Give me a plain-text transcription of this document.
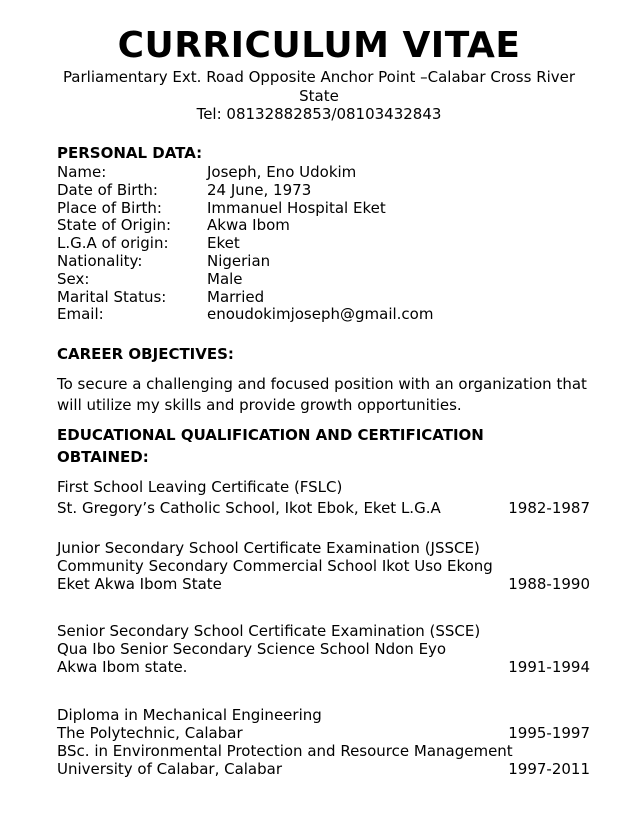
CURRICULUM VITAE
Parliamentary Ext. Road Opposite Anchor Point –Calabar Cross River
State
Tel: 08132882853/08103432843
PERSONAL DATA:
Name:	Joseph, Eno Udokim
Date of Birth:	24 June, 1973
Place of Birth:	Immanuel Hospital Eket
State of Origin:	Akwa Ibom
L.G.A of origin:	Eket
Nationality:	Nigerian
Sex:	Male
Marital Status:	Married
Email:	enoudokimjoseph@gmail.com
CAREER OBJECTIVES:
To secure a challenging and focused position with an organization that will utilize my skills and provide growth opportunities.
EDUCATIONAL QUALIFICATION AND CERTIFICATION
OBTAINED:
First School Leaving Certificate (FSLC)
St. Gregory’s Catholic School, Ikot Ebok, Eket L.G.A	1982-1987
Junior Secondary School Certificate Examination (JSSCE)
Community Secondary Commercial School Ikot Uso Ekong
Eket Akwa Ibom State	1988-1990
Senior Secondary School Certificate Examination (SSCE)
Qua Ibo Senior Secondary Science School Ndon Eyo
Akwa Ibom state.	1991-1994
Diploma in Mechanical Engineering
The Polytechnic, Calabar	1995-1997
BSc. in Environmental Protection and Resource Management
University of Calabar, Calabar	1997-2011
